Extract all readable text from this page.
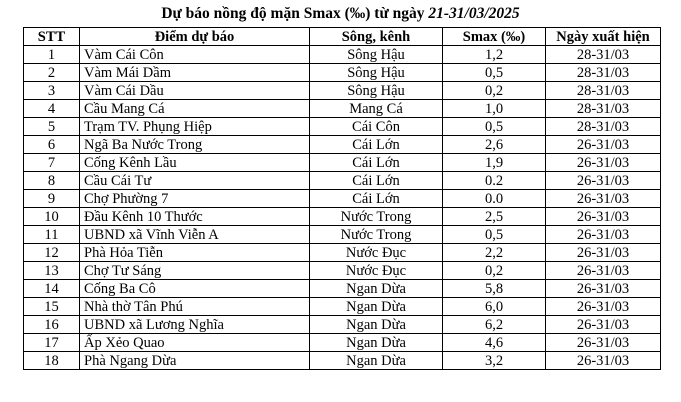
Dự báo nồng độ mặn Smax (‰) từ ngày 21-31/03/2025
STT	Điểm dự báo	Sông, kênh	Smax (‰)	Ngày xuất hiện
1	Vàm Cái Côn	Sông Hậu	1,2	28-31/03
2	Vàm Mái Dầm	Sông Hậu	0,5	28-31/03
3	Vàm Cái Dầu	Sông Hậu	0,2	28-31/03
4	Cầu Mang Cá	Mang Cá	1,0	28-31/03
5	Trạm TV. Phụng Hiệp	Cái Côn	0,5	28-31/03
6	Ngã Ba Nước Trong	Cái Lớn	2,6	26-31/03
7	Cống Kênh Lầu	Cái Lớn	1,9	26-31/03
8	Cầu Cái Tư	Cái Lớn	0.2	26-31/03
9	Chợ Phường 7	Cái Lớn	0.0	26-31/03
10	Đầu Kênh 10 Thước	Nước Trong	2,5	26-31/03
11	UBND xã Vĩnh Viễn A	Nước Trong	0,5	26-31/03
12	Phà Hỏa Tiễn	Nước Đục	2,2	26-31/03
13	Chợ Tư Sáng	Nước Đục	0,2	26-31/03
14	Cống Ba Cô	Ngan Dừa	5,8	26-31/03
15	Nhà thờ Tân Phú	Ngan Dừa	6,0	26-31/03
16	UBND xã Lương Nghĩa	Ngan Dừa	6,2	26-31/03
17	Ấp Xẻo Quao	Ngan Dừa	4,6	26-31/03
18	Phà Ngang Dừa	Ngan Dừa	3,2	26-31/03
